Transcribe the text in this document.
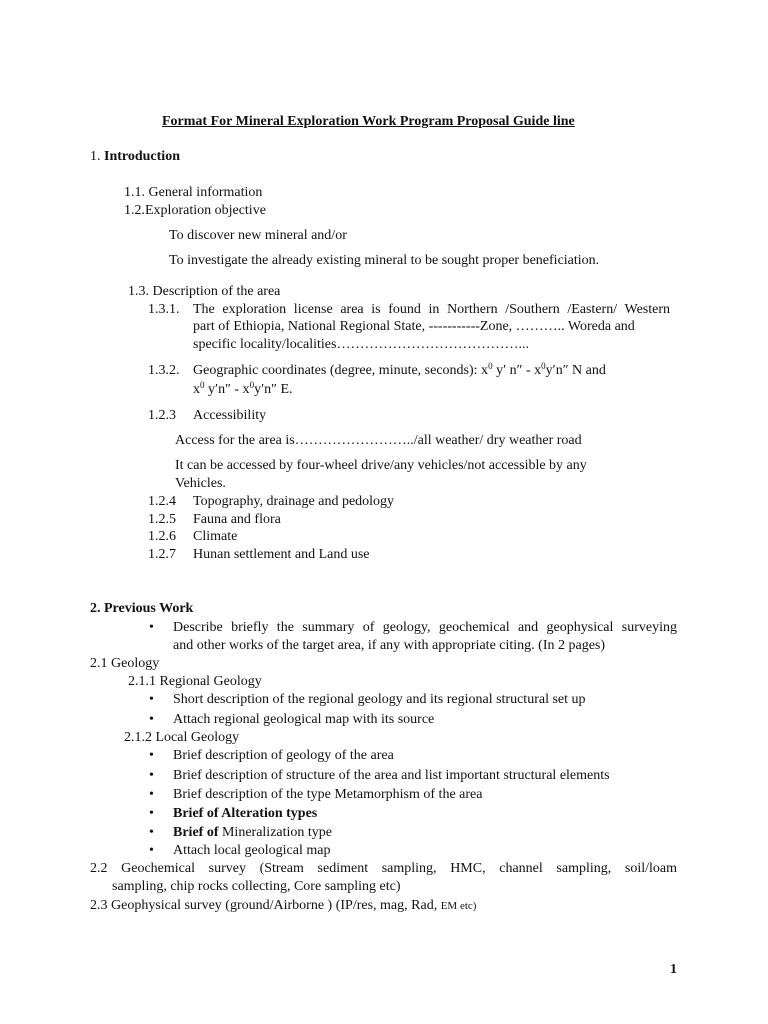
Format For Mineral Exploration Work Program Proposal Guide line
1. Introduction
1.1. General information
1.2.Exploration objective
To discover new mineral and/or
To investigate the already existing mineral to be sought proper beneficiation.
1.3. Description of the area
1.3.1. The exploration license area is found in Northern /Southern /Eastern/ Western
part of Ethiopia, National Regional State, -----------Zone, ……….. Woreda and
specific locality/localities…………………………………...
1.3.2. Geographic coordinates (degree, minute, seconds): $x^0$ y′ $n'' - x^0y'n''$ N and
$x^0$ $y'n'' - x^0y'n''$ E.
1.2.3 Accessibility
Access for the area is……………………../all weather/ dry weather road
It can be accessed by four-wheel drive/any vehicles/not accessible by any
Vehicles.
1.2.4 Topography, drainage and pedology
1.2.5 Fauna and flora
1.2.6 Climate
1.2.7 Hunan settlement and Land use
2. Previous Work
• Describe briefly the summary of geology, geochemical and geophysical surveying
and other works of the target area, if any with appropriate citing. (In 2 pages)
2.1 Geology
2.1.1 Regional Geology
• Short description of the regional geology and its regional structural set up
• Attach regional geological map with its source
2.1.2 Local Geology
• Brief description of geology of the area
• Brief description of structure of the area and list important structural elements
• Brief description of the type Metamorphism of the area
• Brief of Alteration types
• Brief of Mineralization type
• Attach local geological map
2.2 Geochemical survey (Stream sediment sampling, HMC, channel sampling, soil/loam
sampling, chip rocks collecting, Core sampling etc)
2.3 Geophysical survey (ground/Airborne ) (IP/res, mag, Rad, EM etc)
1
